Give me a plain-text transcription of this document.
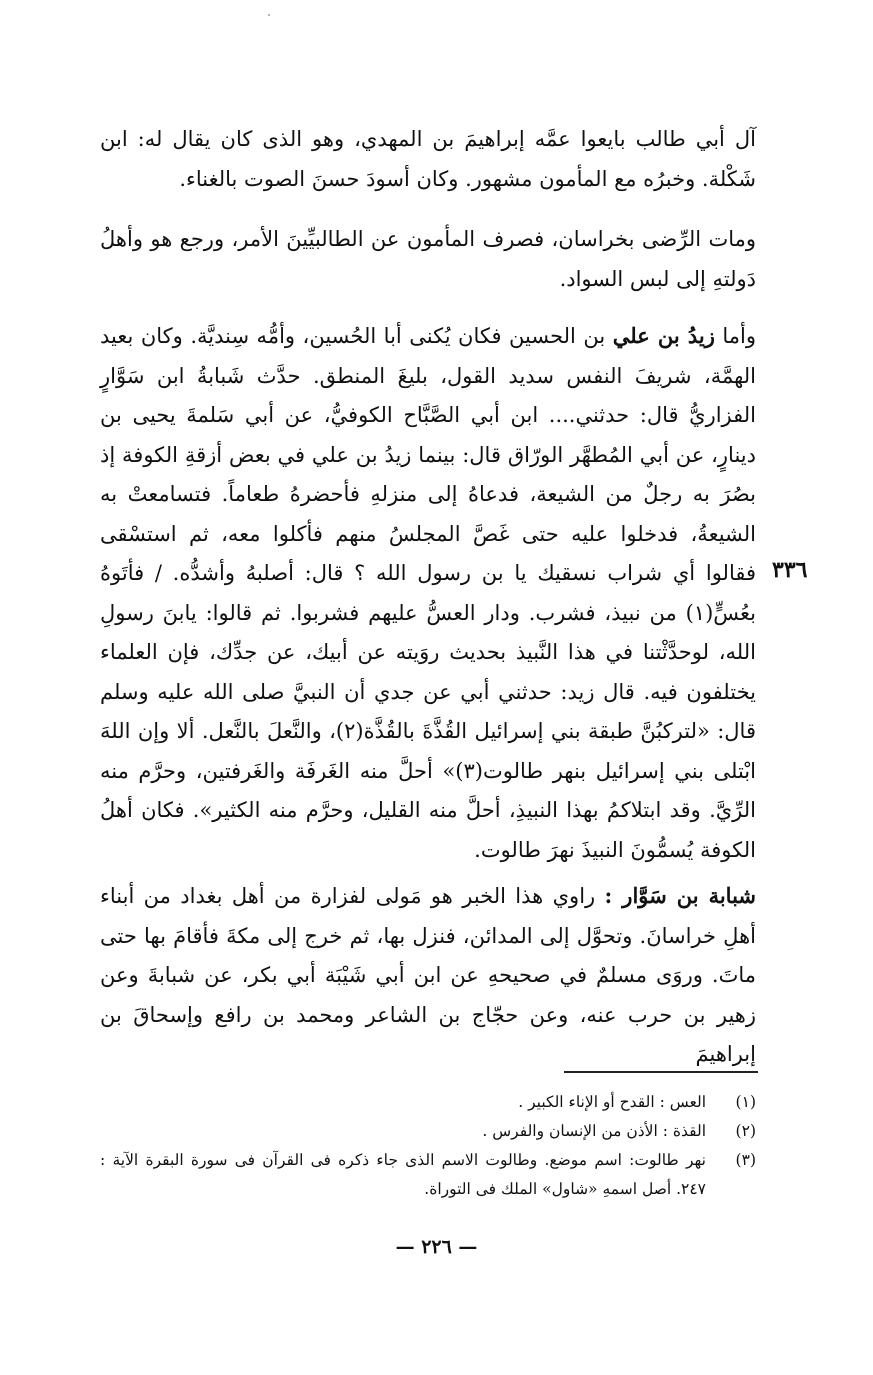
آل أبي طالب بايعوا عمَّه إبراهيمَ بن المهدي، وهو الذى كان يقال له: ابن شَكْلة. وخبرُه مع المأمون مشهور. وكان أسودَ حسنَ الصوت بالغناء.

ومات الرِّضى بخراسان، فصرف المأمون عن الطالبيِّينَ الأمر، ورجع هو وأهلُ دَولتهِ إلى لبس السواد.

وأما زيدُ بن علي بن الحسين فكان يُكنى أبا الحُسين، وأمُّه سِنديَّة. وكان بعيد الهمَّة، شريفَ النفس سديد القول، بليغَ المنطق. حدَّث شَبابةُ ابن سَوَّارٍ الفزاريُّ قال: حدثني.... ابن أبي الصَّبَّاح الكوفيُّ، عن أبي سَلمةَ يحيى بن دينارٍ، عن أبي المُطهَّر الورّاق قال: بينما زيدُ بن علي في بعض أزقةِ الكوفة إذ بصُرَ به رجلٌ من الشيعة، فدعاهُ إلى منزلهِ فأحضرهُ طعاماً. فتسامعتْ به الشيعةُ، فدخلوا عليه حتى غَصَّ المجلسُ منهم فأكلوا معه، ثم استسْقى فقالوا أي شراب نسقيك يا بن رسول الله ؟ قال: أصلبهُ وأشدُّه. / فأتَوهُ بعُسٍّ(١) من نبيذ، فشرب. ودار العسُّ عليهم فشربوا. ثم قالوا: يابنَ رسولِ الله، لوحدَّثْتنا في هذا النَّبيذ بحديث روَيته عن أبيك، عن جدِّك، فإن العلماء يختلفون فيه. قال زيد: حدثني أبي عن جدي أن النبيَّ صلى الله عليه وسلم قال: «لتركبُنَّ طبقة بني إسرائيل القُذَّةَ بالقُذَّة(٢)، والنَّعلَ بالنَّعل. ألا وإن اللهَ ابْتلى بني إسرائيل بنهر طالوت(٣)» أحلَّ منه الغَرفَة والغَرفتين، وحرَّم منه الرِّيَّ. وقد ابتلاكمُ بهذا النبيذِ، أحلَّ منه القليل، وحرَّم منه الكثير». فكان أهلُ الكوفة يُسمُّونَ النبيذَ نهرَ طالوت.

٣٣٦

شبابة بن سَوَّار : راوي هذا الخبر هو مَولى لفزارة من أهل بغداد من أبناء أهلِ خراسانَ. وتحوَّل إلى المدائن، فنزل بها، ثم خرج إلى مكةَ فأقامَ بها حتى ماتَ. وروَى مسلمٌ في صحيحهِ عن ابن أبي شَيْبَة أبي بكر، عن شبابةَ وعن زهير بن حرب عنه، وعن حجّاج بن الشاعر ومحمد بن رافع وإسحاقَ بن إبراهيمَ

(١)
العس : القدح أو الإناء الكبير .
(٢)
القذة : الأذن من الإنسان والفرس .
(٣)
نهر طالوت: اسم موضع. وطالوت الاسم الذى جاء ذكره فى القرآن فى سورة البقرة الآية : ٢٤٧. أصل اسمهِ «شاول» الملك فى التوراة.
— ٢٢٦ —
